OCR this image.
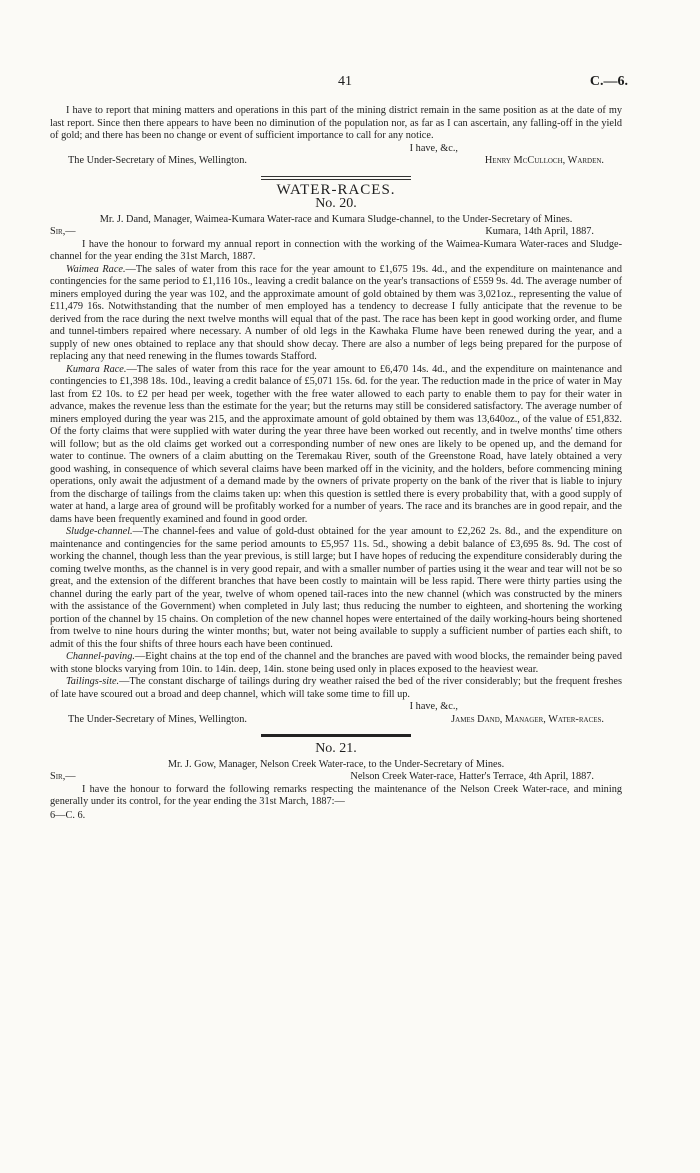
41	C.—6.

I have to report that mining matters and operations in this part of the mining district remain in the same position as at the date of my last report. Since then there appears to have been no diminution of the population nor, as far as I can ascertain, any falling-off in the yield of gold; and there has been no change or event of sufficient importance to call for any notice.

I have, &c.,

The Under-Secretary of Mines, Wellington.	Henry McCulloch, Warden.
WATER-RACES.
No. 20.

Mr. J. Dand, Manager, Waimea-Kumara Water-race and Kumara Sludge-channel, to the Under-Secretary of Mines.

Sir,—	Kumara, 14th April, 1887.

I have the honour to forward my annual report in connection with the working of the Waimea-Kumara Water-races and Sludge-channel for the year ending the 31st March, 1887.

Waimea Race.—The sales of water from this race for the year amount to £1,675 19s. 4d., and the expenditure on maintenance and contingencies for the same period to £1,116 10s., leaving a credit balance on the year's transactions of £559 9s. 4d. The average number of miners employed during the year was 102, and the approximate amount of gold obtained by them was 3,021oz., representing the value of £11,479 16s. Notwithstanding that the number of men employed has a tendency to decrease I fully anticipate that the revenue to be derived from the race during the next twelve months will equal that of the past. The race has been kept in good working order, and flume and tunnel-timbers repaired where necessary. A number of old legs in the Kawhaka Flume have been renewed during the year, and a supply of new ones obtained to replace any that should show decay. There are also a number of legs being prepared for the purpose of replacing any that need renewing in the flumes towards Stafford.

Kumara Race.—The sales of water from this race for the year amount to £6,470 14s. 4d., and the expenditure on maintenance and contingencies to £1,398 18s. 10d., leaving a credit balance of £5,071 15s. 6d. for the year. The reduction made in the price of water in May last from £2 10s. to £2 per head per week, together with the free water allowed to each party to enable them to pay for their water in advance, makes the revenue less than the estimate for the year; but the returns may still be considered satisfactory. The average number of miners employed during the year was 215, and the approximate amount of gold obtained by them was 13,640oz., of the value of £51,832. Of the forty claims that were supplied with water during the year three have been worked out recently, and in twelve months' time others will follow; but as the old claims get worked out a corresponding number of new ones are likely to be opened up, and the demand for water to continue. The owners of a claim abutting on the Teremakau River, south of the Greenstone Road, have lately obtained a very good washing, in consequence of which several claims have been marked off in the vicinity, and the holders, before commencing mining operations, only await the adjustment of a demand made by the owners of private property on the bank of the river that is liable to injury from the discharge of tailings from the claims taken up: when this question is settled there is every probability that, with a good supply of water at hand, a large area of ground will be profitably worked for a number of years. The race and its branches are in good repair, and the dams have been frequently examined and found in good order.

Sludge-channel.—The channel-fees and value of gold-dust obtained for the year amount to £2,262 2s. 8d., and the expenditure on maintenance and contingencies for the same period amounts to £5,957 11s. 5d., showing a debit balance of £3,695 8s. 9d. The cost of working the channel, though less than the year previous, is still large; but I have hopes of reducing the expenditure considerably during the coming twelve months, as the channel is in very good repair, and with a smaller number of parties using it the wear and tear will not be so great, and the extension of the different branches that have been costly to maintain will be less rapid. There were thirty parties using the channel during the early part of the year, twelve of whom opened tail-races into the new channel (which was constructed by the miners with the assistance of the Government) when completed in July last; thus reducing the number to eighteen, and shortening the working portion of the channel by 15 chains. On completion of the new channel hopes were entertained of the daily working-hours being shortened from twelve to nine hours during the winter months; but, water not being available to supply a sufficient number of parties each shift, to admit of this the four shifts of three hours each have been continued.

Channel-paving.—Eight chains at the top end of the channel and the branches are paved with wood blocks, the remainder being paved with stone blocks varying from 10in. to 14in. deep, 14in. stone being used only in places exposed to the heaviest wear.

Tailings-site.—The constant discharge of tailings during dry weather raised the bed of the river considerably; but the frequent freshes of late have scoured out a broad and deep channel, which will take some time to fill up.

I have, &c.,

The Under-Secretary of Mines, Wellington.	James Dand, Manager, Water-races.
No. 21.

Mr. J. Gow, Manager, Nelson Creek Water-race, to the Under-Secretary of Mines.

Sir,—	Nelson Creek Water-race, Hatter's Terrace, 4th April, 1887.

I have the honour to forward the following remarks respecting the maintenance of the Nelson Creek Water-race, and mining generally under its control, for the year ending the 31st March, 1887:—

6—C. 6.
